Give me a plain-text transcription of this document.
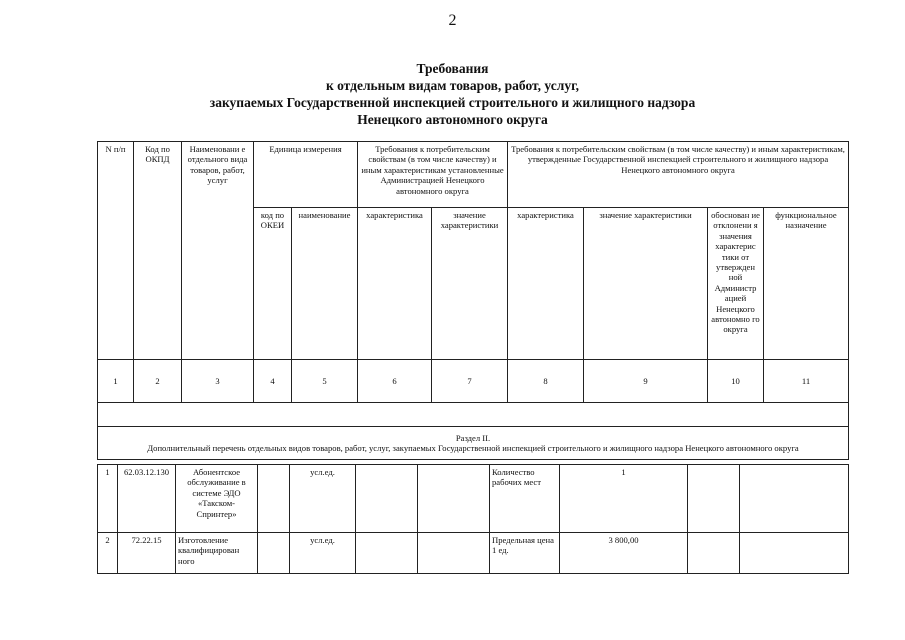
2
Требования
к отдельным видам товаров, работ, услуг,
закупаемых Государственной инспекцией строительного и жилищного надзора
Ненецкого автономного округа
N п/п	Код по ОКПД	Наименовани е отдельного вида товаров, работ, услуг	Единица измерения		Требования к потребительским свойствам (в том числе качеству) и иным характеристикам установленные Администрацией Ненецкого автономного округа		Требования к потребительским свойствам (в том числе качеству) и иным характеристикам, утвержденные Государственной инспекцией строительного и жилищного надзора Ненецкого автономного округа			
			код по ОКЕИ	наименование	характеристика	значение характеристики	характеристика	значение характеристики	обоснован ие отклонени я значения характерис тики от утвержден ной Администр ацией Ненецкого автономно го округа	функциональное назначение
1	2	3	4	5	6	7	8	9	10	11

Раздел II.
Дополнительный перечень отдельных видов товаров, работ, услуг, закупаемых Государственной инспекцией строительного и жилищного надзора Ненецкого автономного округа										
1	62.03.12.130	Абонентское обслуживание в системе ЭДО «Такском-Спринтер»		усл.ед.			Количество рабочих мест	1		
2	72.22.15	Изготовление квалифицирован ного		усл.ед.			Предельная цена 1 ед.	3 800,00		
